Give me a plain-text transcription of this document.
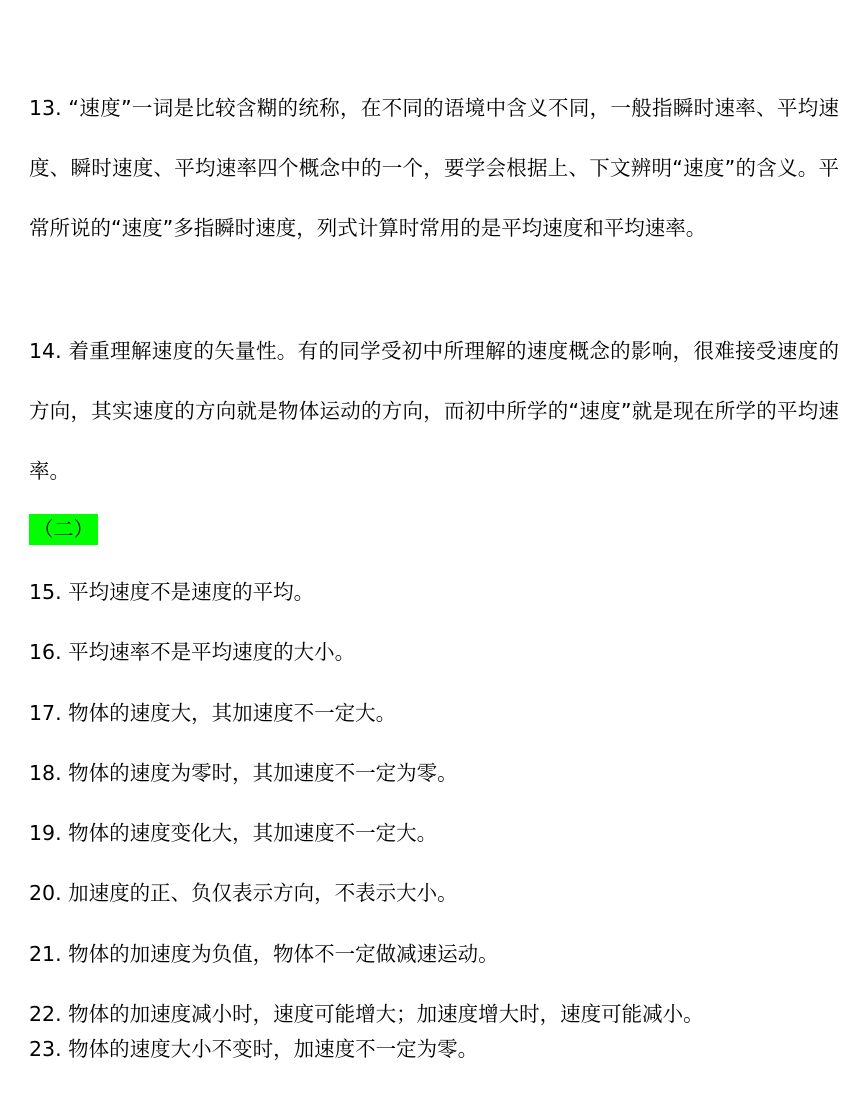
13. “速度”一词是比较含糊的统称，在不同的语境中含义不同，一般指瞬时速率、平均速度、瞬时速度、平均速率四个概念中的一个，要学会根据上、下文辨明“速度”的含义。平常所说的“速度”多指瞬时速度，列式计算时常用的是平均速度和平均速率。

14. 着重理解速度的矢量性。有的同学受初中所理解的速度概念的影响，很难接受速度的方向，其实速度的方向就是物体运动的方向，而初中所学的“速度”就是现在所学的平均速率。

（二）
15. 平均速度不是速度的平均。
16. 平均速率不是平均速度的大小。
17. 物体的速度大，其加速度不一定大。
18. 物体的速度为零时，其加速度不一定为零。
19. 物体的速度变化大，其加速度不一定大。
20. 加速度的正、负仅表示方向，不表示大小。
21. 物体的加速度为负值，物体不一定做减速运动。
22. 物体的加速度减小时，速度可能增大；加速度增大时，速度可能减小。
23. 物体的速度大小不变时，加速度不一定为零。
